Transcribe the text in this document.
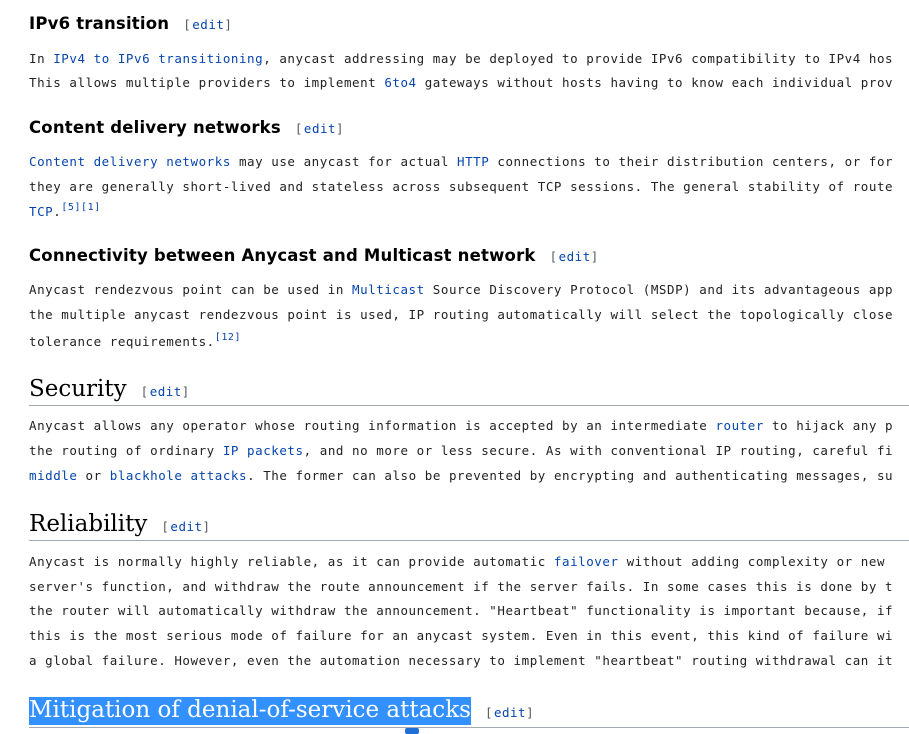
IPv6 transition [edit]
In IPv4 to IPv6 transitioning, anycast addressing may be deployed to provide IPv6 compatibility to IPv4 hos
This allows multiple providers to implement 6to4 gateways without hosts having to know each individual prov
Content delivery networks [edit]
Content delivery networks may use anycast for actual HTTP connections to their distribution centers, or for
they are generally short-lived and stateless across subsequent TCP sessions. The general stability of route
TCP.[5][1]
Connectivity between Anycast and Multicast network [edit]
Anycast rendezvous point can be used in Multicast Source Discovery Protocol (MSDP) and its advantageous app
the multiple anycast rendezvous point is used, IP routing automatically will select the topologically close
tolerance requirements.[12]
Security [edit]
Anycast allows any operator whose routing information is accepted by an intermediate router to hijack any p
the routing of ordinary IP packets, and no more or less secure. As with conventional IP routing, careful fi
middle or blackhole attacks. The former can also be prevented by encrypting and authenticating messages, su
Reliability [edit]
Anycast is normally highly reliable, as it can provide automatic failover without adding complexity or new
server's function, and withdraw the route announcement if the server fails. In some cases this is done by t
the router will automatically withdraw the announcement. "Heartbeat" functionality is important because, if
this is the most serious mode of failure for an anycast system. Even in this event, this kind of failure wi
a global failure. However, even the automation necessary to implement "heartbeat" routing withdrawal can it
Mitigation of denial-of-service attacks [edit]
